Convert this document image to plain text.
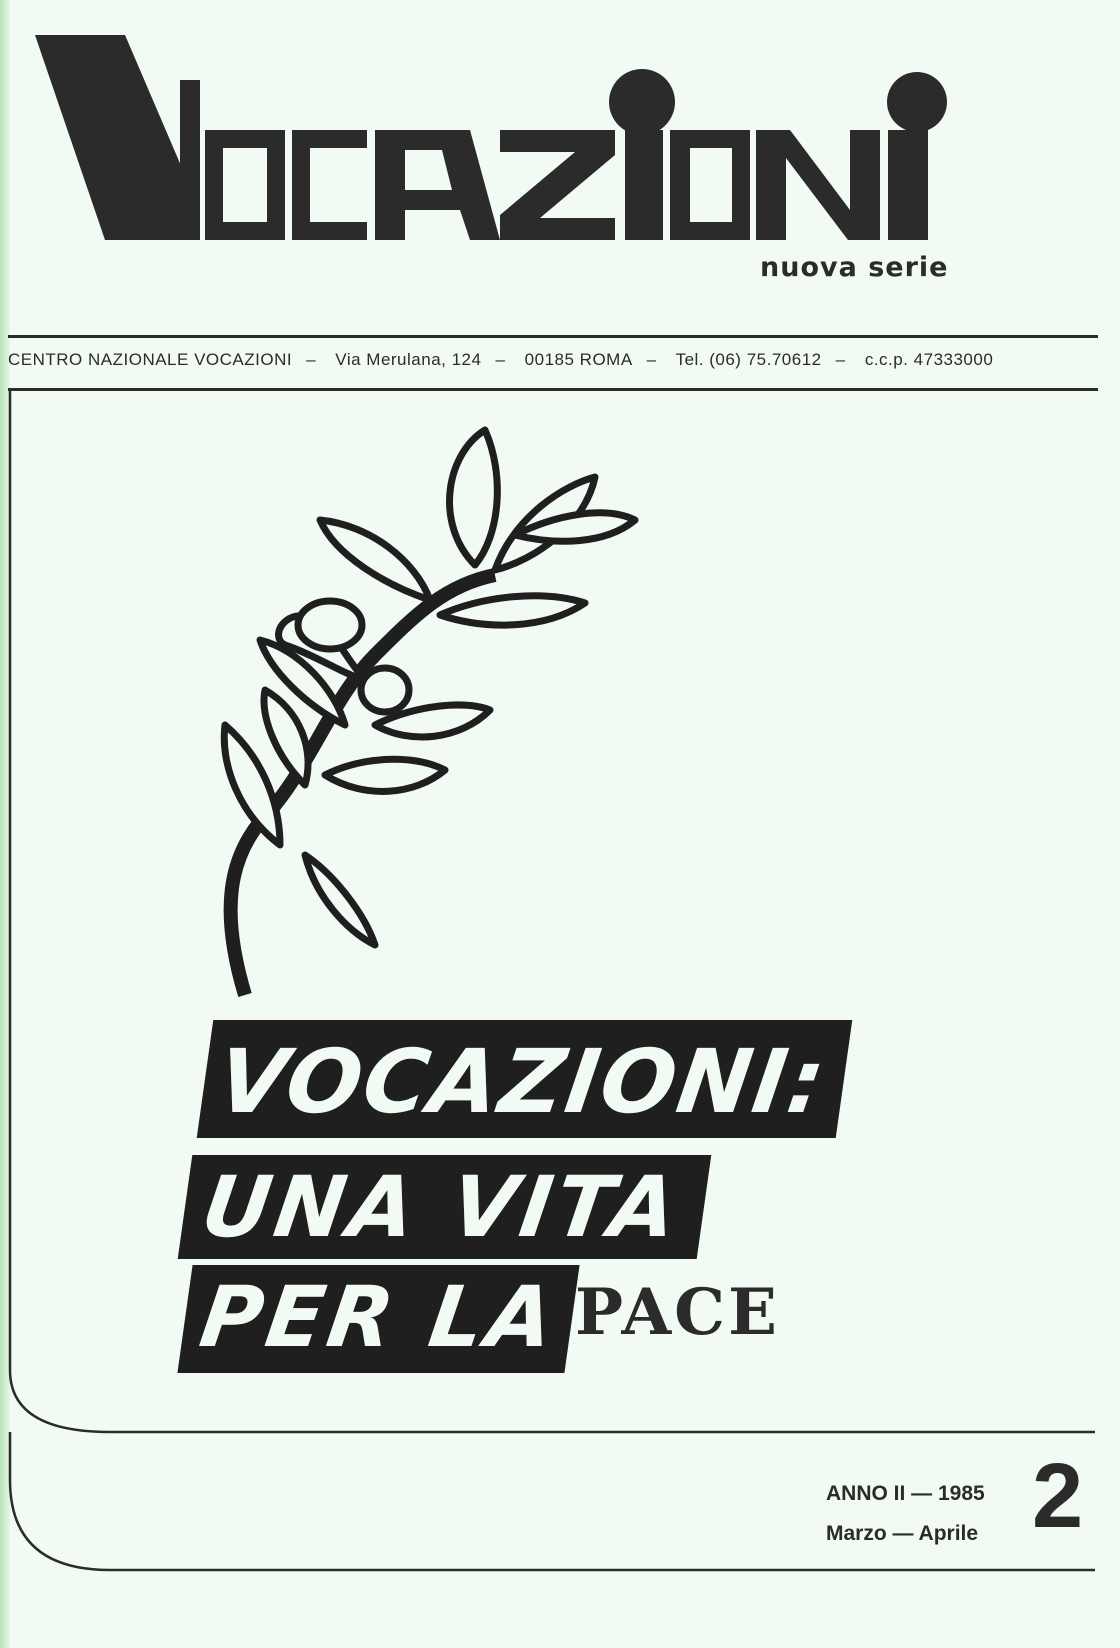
nuova serie
CENTRO NAZIONALE VOCAZIONI – Via Merulana, 124 – 00185 ROMA – Tel. (06) 75.70612 – c.c.p. 47333000
VOCAZIONI:
UNA VITA
PER LA PACE
ANNO II — 1985
Marzo — Aprile 2
